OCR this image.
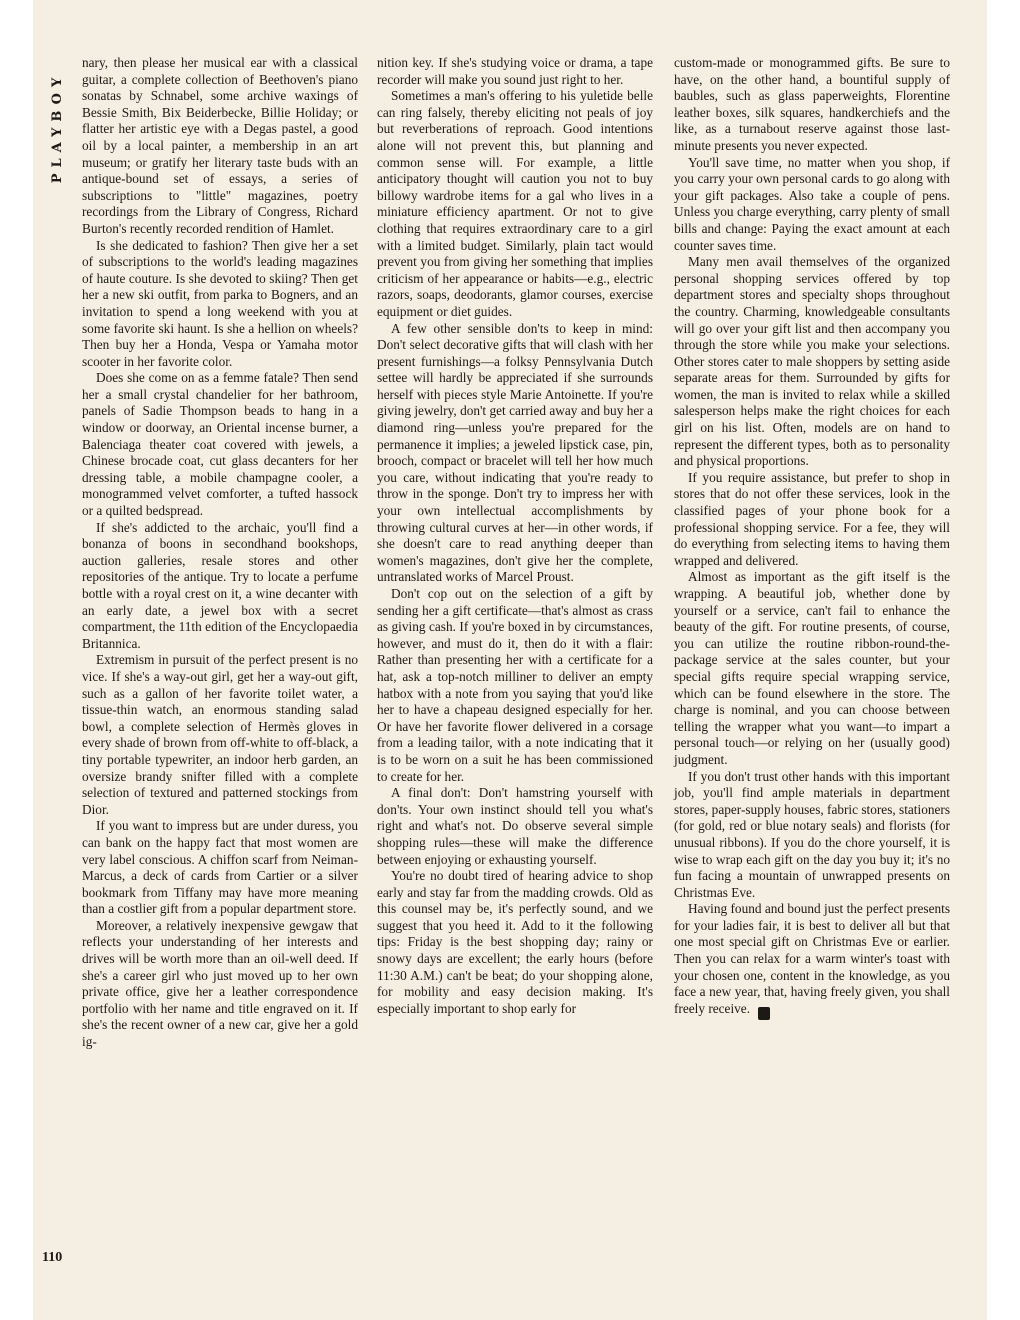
PLAYBOY

nary, then please her musical ear with a classical guitar, a complete collection of Beethoven's piano sonatas by Schnabel, some archive waxings of Bessie Smith, Bix Beiderbecke, Billie Holiday; or flatter her artistic eye with a Degas pastel, a good oil by a local painter, a membership in an art museum; or gratify her literary taste buds with an antique-bound set of essays, a series of subscriptions to "little" magazines, poetry recordings from the Library of Congress, Richard Burton's recently recorded rendition of Hamlet.

Is she dedicated to fashion? Then give her a set of subscriptions to the world's leading magazines of haute couture. Is she devoted to skiing? Then get her a new ski outfit, from parka to Bogners, and an invitation to spend a long weekend with you at some favorite ski haunt. Is she a hellion on wheels? Then buy her a Honda, Vespa or Yamaha motor scooter in her favorite color.

Does she come on as a femme fatale? Then send her a small crystal chandelier for her bathroom, panels of Sadie Thompson beads to hang in a window or doorway, an Oriental incense burner, a Balenciaga theater coat covered with jewels, a Chinese brocade coat, cut glass decanters for her dressing table, a mobile champagne cooler, a monogrammed velvet comforter, a tufted hassock or a quilted bedspread.

If she's addicted to the archaic, you'll find a bonanza of boons in secondhand bookshops, auction galleries, resale stores and other repositories of the antique. Try to locate a perfume bottle with a royal crest on it, a wine decanter with an early date, a jewel box with a secret compartment, the 11th edition of the Encyclopaedia Britannica.

Extremism in pursuit of the perfect present is no vice. If she's a way-out girl, get her a way-out gift, such as a gallon of her favorite toilet water, a tissue-thin watch, an enormous standing salad bowl, a complete selection of Hermès gloves in every shade of brown from off-white to off-black, a tiny portable typewriter, an indoor herb garden, an oversize brandy snifter filled with a complete selection of textured and patterned stockings from Dior.

If you want to impress but are under duress, you can bank on the happy fact that most women are very label conscious. A chiffon scarf from Neiman-Marcus, a deck of cards from Cartier or a silver bookmark from Tiffany may have more meaning than a costlier gift from a popular department store.

Moreover, a relatively inexpensive gewgaw that reflects your understanding of her interests and drives will be worth more than an oil-well deed. If she's a career girl who just moved up to her own private office, give her a leather correspondence portfolio with her name and title engraved on it. If she's the recent owner of a new car, give her a gold ig-

nition key. If she's studying voice or drama, a tape recorder will make you sound just right to her.

Sometimes a man's offering to his yuletide belle can ring falsely, thereby eliciting not peals of joy but reverberations of reproach. Good intentions alone will not prevent this, but planning and common sense will. For example, a little anticipatory thought will caution you not to buy billowy wardrobe items for a gal who lives in a miniature efficiency apartment. Or not to give clothing that requires extraordinary care to a girl with a limited budget. Similarly, plain tact would prevent you from giving her something that implies criticism of her appearance or habits—e.g., electric razors, soaps, deodorants, glamor courses, exercise equipment or diet guides.

A few other sensible don'ts to keep in mind: Don't select decorative gifts that will clash with her present furnishings—a folksy Pennsylvania Dutch settee will hardly be appreciated if she surrounds herself with pieces style Marie Antoinette. If you're giving jewelry, don't get carried away and buy her a diamond ring—unless you're prepared for the permanence it implies; a jeweled lipstick case, pin, brooch, compact or bracelet will tell her how much you care, without indicating that you're ready to throw in the sponge. Don't try to impress her with your own intellectual accomplishments by throwing cultural curves at her—in other words, if she doesn't care to read anything deeper than women's magazines, don't give her the complete, untranslated works of Marcel Proust.

Don't cop out on the selection of a gift by sending her a gift certificate—that's almost as crass as giving cash. If you're boxed in by circumstances, however, and must do it, then do it with a flair: Rather than presenting her with a certificate for a hat, ask a top-notch milliner to deliver an empty hatbox with a note from you saying that you'd like her to have a chapeau designed especially for her. Or have her favorite flower delivered in a corsage from a leading tailor, with a note indicating that it is to be worn on a suit he has been commissioned to create for her.

A final don't: Don't hamstring yourself with don'ts. Your own instinct should tell you what's right and what's not. Do observe several simple shopping rules—these will make the difference between enjoying or exhausting yourself.

You're no doubt tired of hearing advice to shop early and stay far from the madding crowds. Old as this counsel may be, it's perfectly sound, and we suggest that you heed it. Add to it the following tips: Friday is the best shopping day; rainy or snowy days are excellent; the early hours (before 11:30 A.M.) can't be beat; do your shopping alone, for mobility and easy decision making. It's especially important to shop early for

custom-made or monogrammed gifts. Be sure to have, on the other hand, a bountiful supply of baubles, such as glass paperweights, Florentine leather boxes, silk squares, handkerchiefs and the like, as a turnabout reserve against those last-minute presents you never expected.

You'll save time, no matter when you shop, if you carry your own personal cards to go along with your gift packages. Also take a couple of pens. Unless you charge everything, carry plenty of small bills and change: Paying the exact amount at each counter saves time.

Many men avail themselves of the organized personal shopping services offered by top department stores and specialty shops throughout the country. Charming, knowledgeable consultants will go over your gift list and then accompany you through the store while you make your selections. Other stores cater to male shoppers by setting aside separate areas for them. Surrounded by gifts for women, the man is invited to relax while a skilled salesperson helps make the right choices for each girl on his list. Often, models are on hand to represent the different types, both as to personality and physical proportions.

If you require assistance, but prefer to shop in stores that do not offer these services, look in the classified pages of your phone book for a professional shopping service. For a fee, they will do everything from selecting items to having them wrapped and delivered.

Almost as important as the gift itself is the wrapping. A beautiful job, whether done by yourself or a service, can't fail to enhance the beauty of the gift. For routine presents, of course, you can utilize the routine ribbon-round-the-package service at the sales counter, but your special gifts require special wrapping service, which can be found elsewhere in the store. The charge is nominal, and you can choose between telling the wrapper what you want—to impart a personal touch—or relying on her (usually good) judgment.

If you don't trust other hands with this important job, you'll find ample materials in department stores, paper-supply houses, fabric stores, stationers (for gold, red or blue notary seals) and florists (for unusual ribbons). If you do the chore yourself, it is wise to wrap each gift on the day you buy it; it's no fun facing a mountain of unwrapped presents on Christmas Eve.

Having found and bound just the perfect presents for your ladies fair, it is best to deliver all but that one most special gift on Christmas Eve or earlier. Then you can relax for a warm winter's toast with your chosen one, content in the knowledge, as you face a new year, that, having freely given, you shall freely receive. ♥

110
